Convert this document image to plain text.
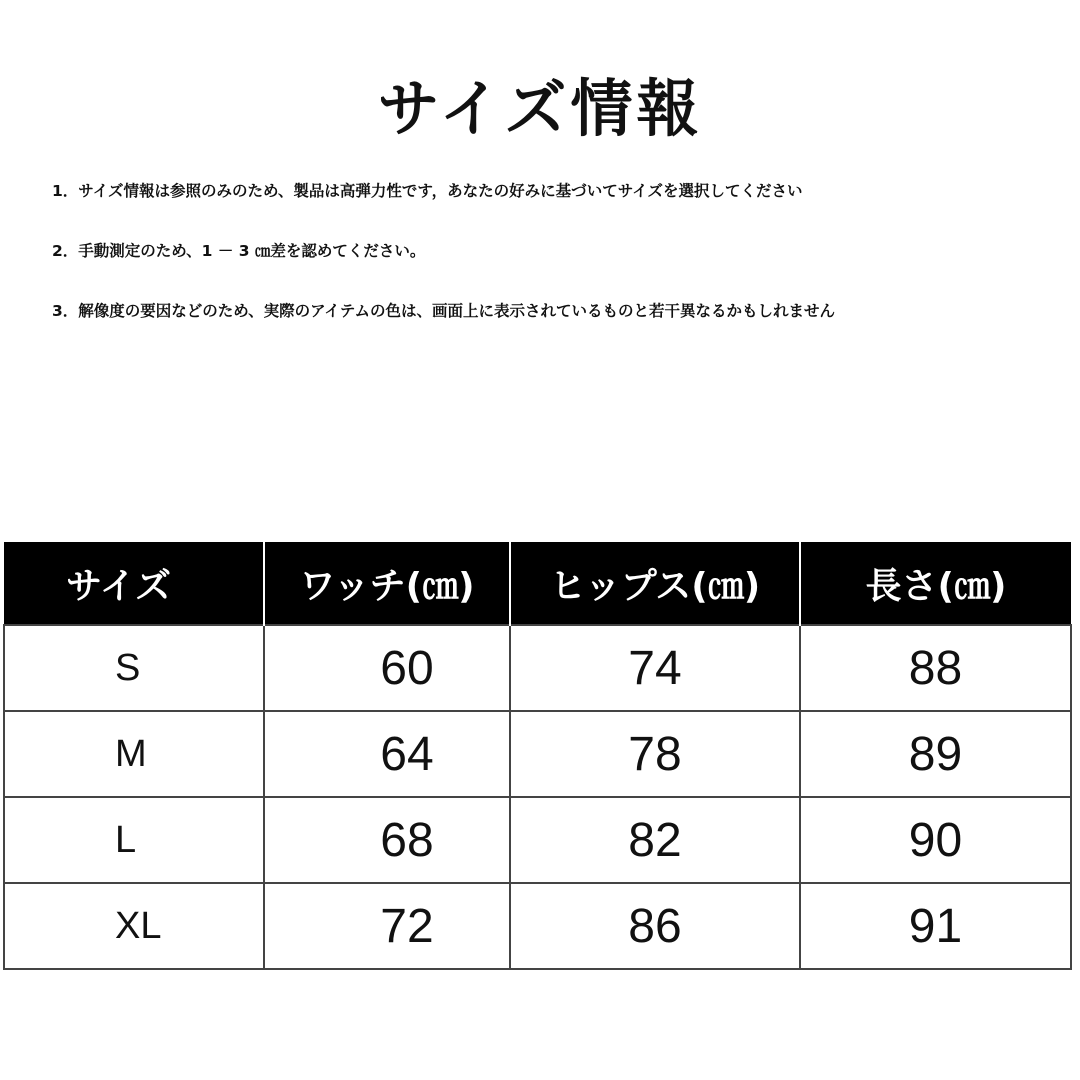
サイズ情報
1．サイズ情報は参照のみのため、製品は高弾力性です，あなたの好みに基づいてサイズを選択してください
2．手動測定のため、1 － 3 ㎝差を認めてください。
3．解像度の要因などのため、実際のアイテムの色は、画面上に表示されているものと若干異なるかもしれません
サイズ	ワッチ(㎝)	ヒップス(㎝)	長さ(㎝)
S	60	74	88
M	64	78	89
L	68	82	90
XL	72	86	91
